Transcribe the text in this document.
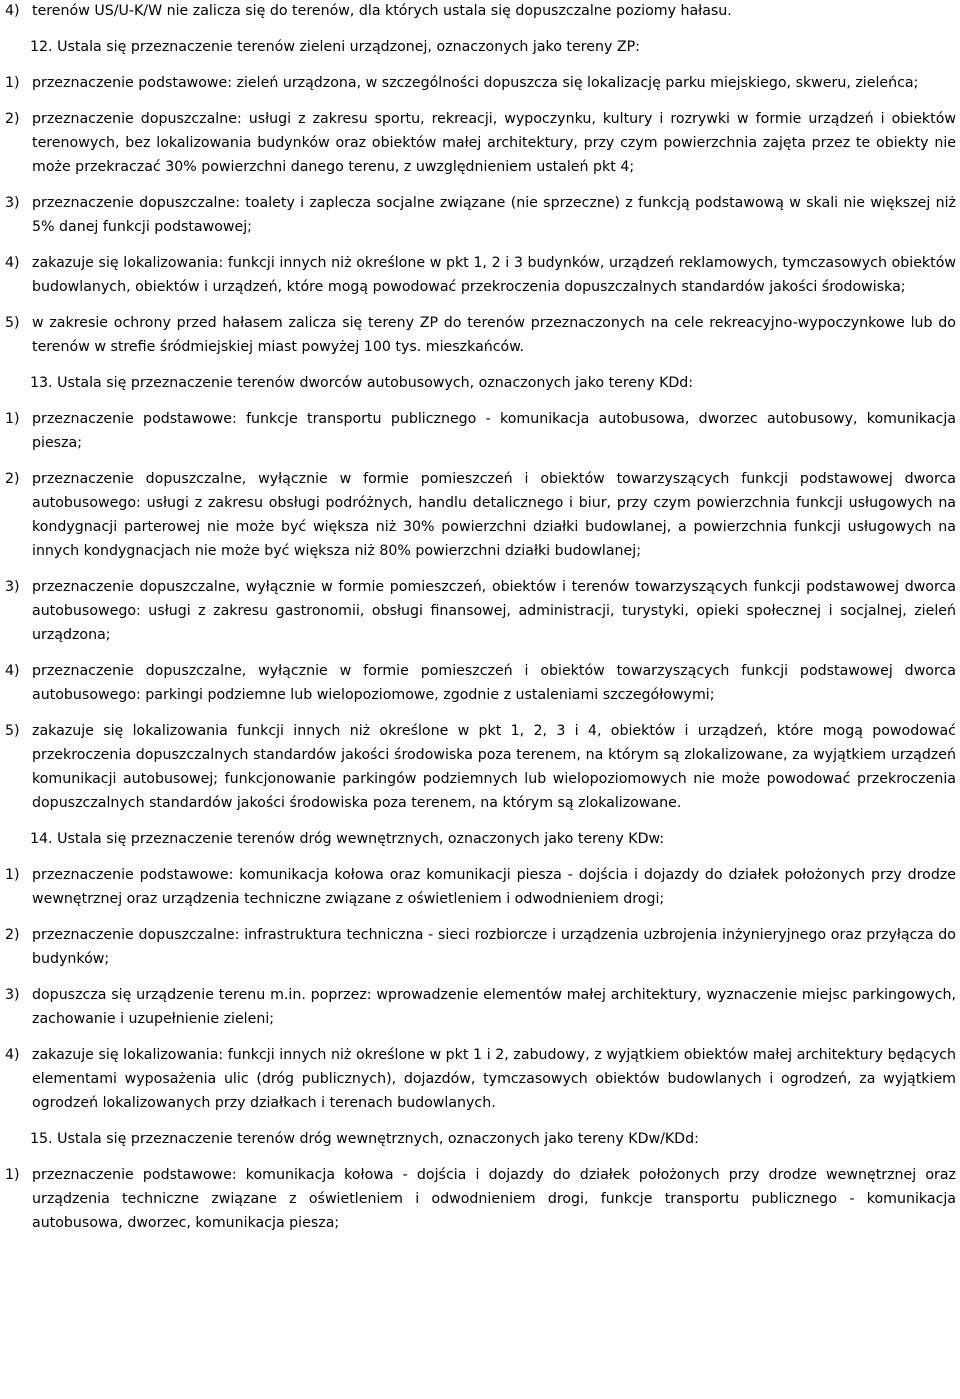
4) terenów US/U-K/W nie zalicza się do terenów, dla których ustala się dopuszczalne poziomy hałasu.
12. Ustala się przeznaczenie terenów zieleni urządzonej, oznaczonych jako tereny ZP:
1) przeznaczenie podstawowe: zieleń urządzona, w szczególności dopuszcza się lokalizację parku miejskiego, skweru, zieleńca;
2) przeznaczenie dopuszczalne: usługi z zakresu sportu, rekreacji, wypoczynku, kultury i rozrywki w formie urządzeń i obiektów terenowych, bez lokalizowania budynków oraz obiektów małej architektury, przy czym powierzchnia zajęta przez te obiekty nie może przekraczać 30% powierzchni danego terenu, z uwzględnieniem ustaleń pkt 4;
3) przeznaczenie dopuszczalne: toalety i zaplecza socjalne związane (nie sprzeczne) z funkcją podstawową w skali nie większej niż 5% danej funkcji podstawowej;
4) zakazuje się lokalizowania: funkcji innych niż określone w pkt 1, 2 i 3 budynków, urządzeń reklamowych, tymczasowych obiektów budowlanych, obiektów i urządzeń, które mogą powodować przekroczenia dopuszczalnych standardów jakości środowiska;
5) w zakresie ochrony przed hałasem zalicza się tereny ZP do terenów przeznaczonych na cele rekreacyjno-wypoczynkowe lub do terenów w strefie śródmiejskiej miast powyżej 100 tys. mieszkańców.
13. Ustala się przeznaczenie terenów dworców autobusowych, oznaczonych jako tereny KDd:
1) przeznaczenie podstawowe: funkcje transportu publicznego - komunikacja autobusowa, dworzec autobusowy, komunikacja piesza;
2) przeznaczenie dopuszczalne, wyłącznie w formie pomieszczeń i obiektów towarzyszących funkcji podstawowej dworca autobusowego: usługi z zakresu obsługi podróżnych, handlu detalicznego i biur, przy czym powierzchnia funkcji usługowych na kondygnacji parterowej nie może być większa niż 30% powierzchni działki budowlanej, a powierzchnia funkcji usługowych na innych kondygnacjach nie może być większa niż 80% powierzchni działki budowlanej;
3) przeznaczenie dopuszczalne, wyłącznie w formie pomieszczeń, obiektów i terenów towarzyszących funkcji podstawowej dworca autobusowego: usługi z zakresu gastronomii, obsługi finansowej, administracji, turystyki, opieki społecznej i socjalnej, zieleń urządzona;
4) przeznaczenie dopuszczalne, wyłącznie w formie pomieszczeń i obiektów towarzyszących funkcji podstawowej dworca autobusowego: parkingi podziemne lub wielopoziomowe, zgodnie z ustaleniami szczegółowymi;
5) zakazuje się lokalizowania funkcji innych niż określone w pkt 1, 2, 3 i 4, obiektów i urządzeń, które mogą powodować przekroczenia dopuszczalnych standardów jakości środowiska poza terenem, na którym są zlokalizowane, za wyjątkiem urządzeń komunikacji autobusowej; funkcjonowanie parkingów podziemnych lub wielopoziomowych nie może powodować przekroczenia dopuszczalnych standardów jakości środowiska poza terenem, na którym są zlokalizowane.
14. Ustala się przeznaczenie terenów dróg wewnętrznych, oznaczonych jako tereny KDw:
1) przeznaczenie podstawowe: komunikacja kołowa oraz komunikacji piesza - dojścia i dojazdy do działek położonych przy drodze wewnętrznej oraz urządzenia techniczne związane z oświetleniem i odwodnieniem drogi;
2) przeznaczenie dopuszczalne: infrastruktura techniczna - sieci rozbiorcze i urządzenia uzbrojenia inżynieryjnego oraz przyłącza do budynków;
3) dopuszcza się urządzenie terenu m.in. poprzez: wprowadzenie elementów małej architektury, wyznaczenie miejsc parkingowych, zachowanie i uzupełnienie zieleni;
4) zakazuje się lokalizowania: funkcji innych niż określone w pkt 1 i 2, zabudowy, z wyjątkiem obiektów małej architektury będących elementami wyposażenia ulic (dróg publicznych), dojazdów, tymczasowych obiektów budowlanych i ogrodzeń, za wyjątkiem ogrodzeń lokalizowanych przy działkach i terenach budowlanych.
15. Ustala się przeznaczenie terenów dróg wewnętrznych, oznaczonych jako tereny KDw/KDd:
1) przeznaczenie podstawowe: komunikacja kołowa - dojścia i dojazdy do działek położonych przy drodze wewnętrznej oraz urządzenia techniczne związane z oświetleniem i odwodnieniem drogi, funkcje transportu publicznego - komunikacja autobusowa, dworzec, komunikacja piesza;
